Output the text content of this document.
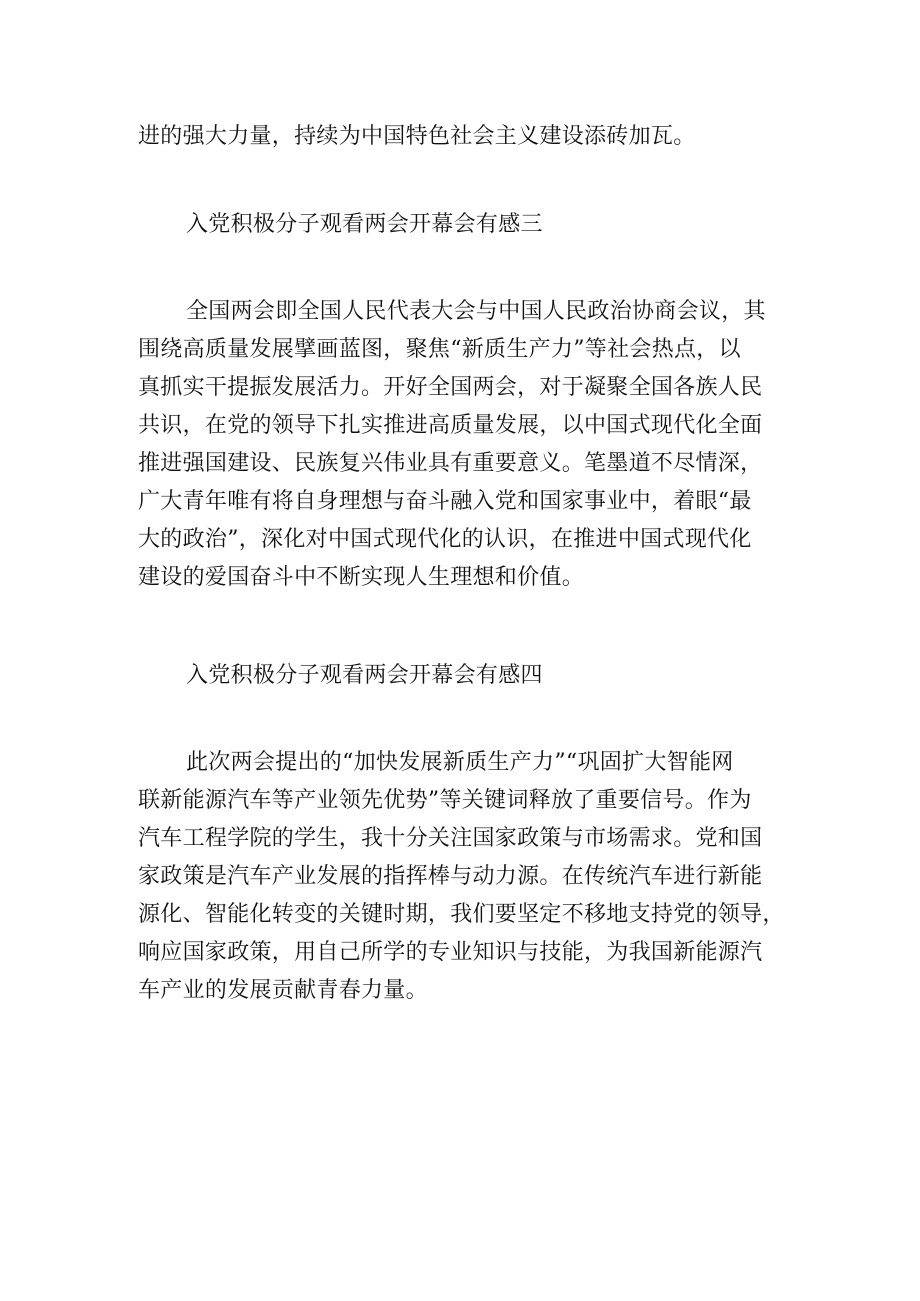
进的强大力量，持续为中国特色社会主义建设添砖加瓦。
入党积极分子观看两会开幕会有感三
全国两会即全国人民代表大会与中国人民政治协商会议，其
围绕高质量发展擘画蓝图，聚焦“新质生产力”等社会热点，以
真抓实干提振发展活力。开好全国两会，对于凝聚全国各族人民
共识，在党的领导下扎实推进高质量发展，以中国式现代化全面
推进强国建设、民族复兴伟业具有重要意义。笔墨道不尽情深，
广大青年唯有将自身理想与奋斗融入党和国家事业中，着眼“最
大的政治”，深化对中国式现代化的认识，在推进中国式现代化
建设的爱国奋斗中不断实现人生理想和价值。
入党积极分子观看两会开幕会有感四
此次两会提出的“加快发展新质生产力”“巩固扩大智能网
联新能源汽车等产业领先优势”等关键词释放了重要信号。作为
汽车工程学院的学生，我十分关注国家政策与市场需求。党和国
家政策是汽车产业发展的指挥棒与动力源。在传统汽车进行新能
源化、智能化转变的关键时期，我们要坚定不移地支持党的领导，
响应国家政策，用自己所学的专业知识与技能，为我国新能源汽
车产业的发展贡献青春力量。
